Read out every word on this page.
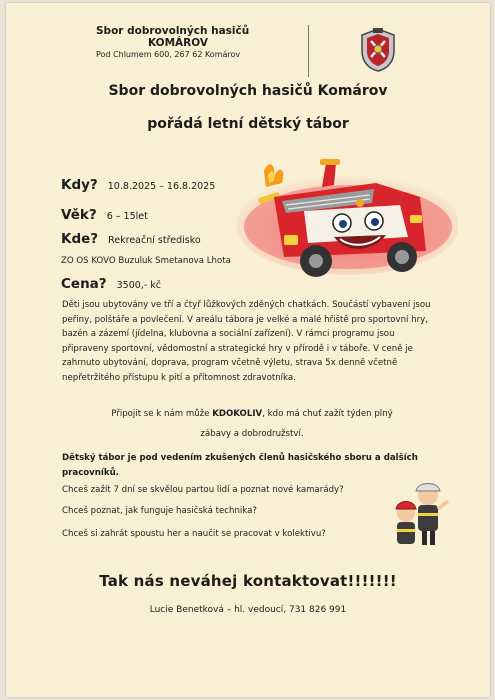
Sbor dobrovolných hasičů
KOMÁROV
Pod Chlumem 600, 267 62 Komárov
Sbor dobrovolných hasičů Komárov
pořádá letní dětský tábor
Kdy? 10.8.2025 – 16.8.2025
Věk? 6 – 15let
Kde? Rekreační středisko
ZO OS KOVO Buzuluk Smetanova Lhota
Cena? 3500,- kč
Děti jsou ubytovány ve tří a čtyř lůžkových zděných chatkách. Součástí vybavení jsou peřiny, polštáře a povlečení. V areálu tábora je velké a malé hřiště pro sportovní hry, bazén a zázemí (jídelna, klubovna a sociální zařízení). V rámci programu jsou připraveny sportovní, vědomostní a strategické hry v přírodě i v táboře. V ceně je zahrnuto ubytování, doprava, program včetně výletu, strava 5x denně včetně nepřetržitého přístupu k pití a přítomnost zdravotníka.
Připojit se k nám může KDOKOLIV, kdo má chuť zažít týden plný
zábavy a dobrodružství.
Dětský tábor je pod vedením zkušených členů hasičského sboru a dalších pracovníků.
Chceš zažít 7 dní se skvělou partou lidí a poznat nové kamarády?
Chceš poznat, jak funguje hasičská technika?
Chceš si zahrát spoustu her a naučit se pracovat v kolektivu?
Tak nás neváhej kontaktovat!!!!!!!
Lucie Benetková – hl. vedoucí, 731 826 991
